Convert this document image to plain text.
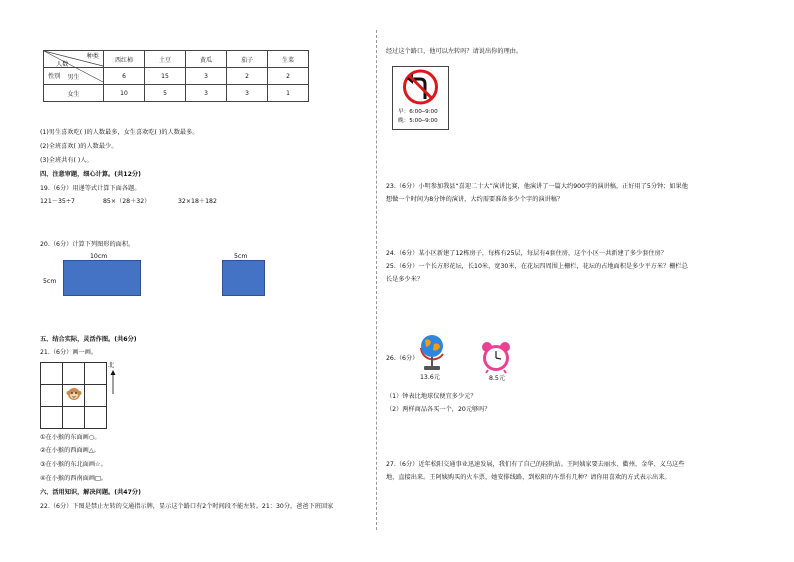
种类
人数
性别	西红柿	土豆	黄瓜	茄子	生菜
男生	6	15	3	2	2
女生	10	5	3	3	1
(1)男生喜欢吃( )的人数最多，女生喜欢吃( )的人数最多。
(2)全班喜欢( )的人数最少。
(3)全班共有( )人。
四、注意审题，细心计算。(共12分)
19.（6分）用递等式计算下面各题。
121－35÷7	85×（28＋32）	32×18＋182
20.（6分）计算下列图形的面积。
10cm
5cm
5cm
五、结合实际，灵活作图。(共6分)
21.（6分）画一画。

北
①在小猴的东面画○。
②在小猴的西面画△。
③在小猴的东北面画☆。
④在小猴的西南面画□。
六、活用知识，解决问题。(共47分)
22.（6分）下图是禁止左转的交通指示牌，显示这个路口有2个时间段不能左转。21：30分，爸爸下班回家
经过这个路口，他可以左转吗？请说出你的理由。
早：6:00─9:00
晚：5:00─9:00
23.（6分）小明参加我县“喜迎二十大”演讲比赛，他演讲了一篇大约900字的演讲稿，正好用了5分钟；如果他
想做一个时间为8分钟的演讲，大约需要准备多少个字的演讲稿？
24.（6分）某小区新建了12栋房子，每栋有25层，每层有4套住房，这个小区一共新建了多少套住房？
25.（6分）一个长方形花坛，长10米，宽30米，在花坛四周围上栅栏，花坛的占地面积是多少平方米？栅栏总
长是多少米？
26.（6分）
13.6元	8.5元
（1）钟表比地球仪便宜多少元？
（2）两样商品各买一个，20元够吗？
27.（6分）近年松阳交通事业迅速发展，我们有了自己的轻轨站。王阿姨家要去丽水、衢州、金华、义乌这些
地，直接出来。王阿姨购买的火车票，她安排线路，到松阳的车票有几种？请你用喜欢的方式表示出来。
